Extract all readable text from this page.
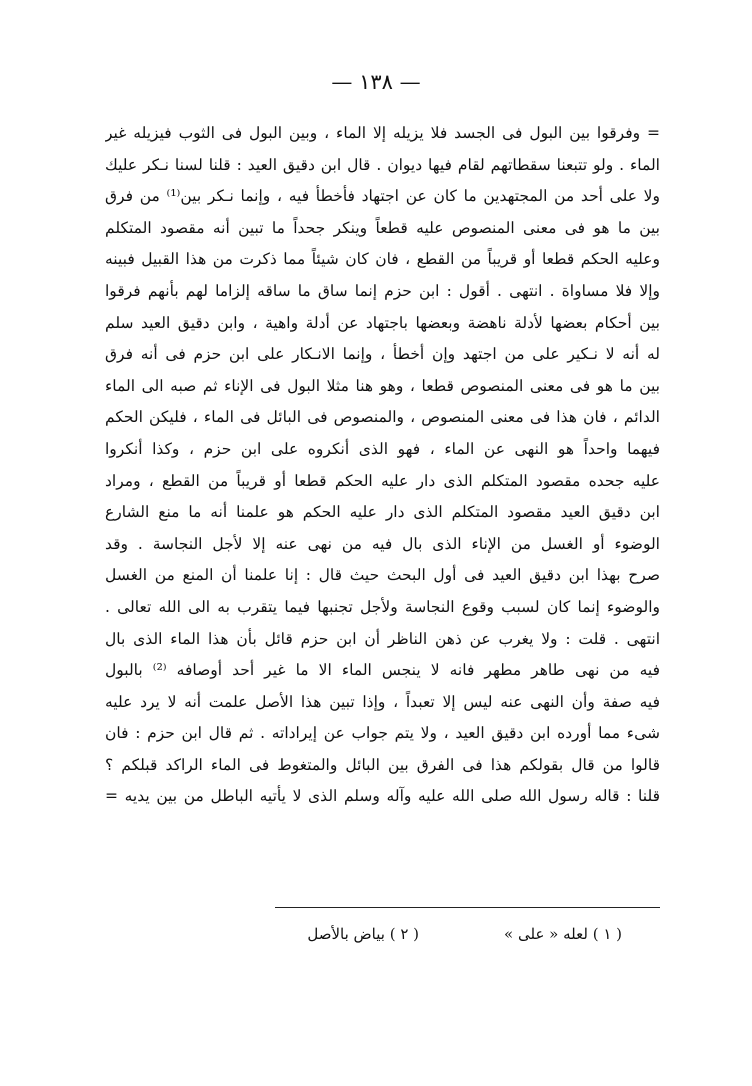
— ١٣٨ —
= وفرقوا بين البول فى الجسد فلا يزيله إلا الماء ، وبين البول فى الثوب فيزيله غير
الماء . ولو تتبعنا سقطاتهم لقام فيها ديوان . قال ابن دقيق العيد : قلنا لسنا نـكر عليك
ولا على أحد من المجتهدين ما كان عن اجتهاد فأخطأ فيه ، وإنما نـكر بين⁽¹⁾ من فرق
بين ما هو فى معنى المنصوص عليه قطعاً وينكر جحداً ما تبين أنه مقصود المتكلم
وعليه الحكم قطعا أو قريباً من القطع ، فان كان شيئاً مما ذكرت من هذا القبيل فبينه
وإلا فلا مساواة . انتهى . أقول : ابن حزم إنما ساق ما ساقه إلزاما لهم بأنهم فرقوا
بين أحكام بعضها لأدلة ناهضة وبعضها باجتهاد عن أدلة واهية ، وابن دقيق العيد سلم
له أنه لا نـكير على من اجتهد وإن أخطأ ، وإنما الانـكار على ابن حزم فى أنه فرق
بين ما هو فى معنى المنصوص قطعا ، وهو هنا مثلا البول فى الإناء ثم صبه الى الماء
الدائم ، فان هذا فى معنى المنصوص ، والمنصوص فى البائل فى الماء ، فليكن الحكم
فيهما واحداً هو النهى عن الماء ، فهو الذى أنكروه على ابن حزم ، وكذا أنكروا
عليه جحده مقصود المتكلم الذى دار عليه الحكم قطعا أو قريباً من القطع ، ومراد
ابن دقيق العيد مقصود المتكلم الذى دار عليه الحكم هو علمنا أنه ما منع الشارع
الوضوء أو الغسل من الإناء الذى بال فيه من نهى عنه إلا لأجل النجاسة . وقد
صرح بهذا ابن دقيق العيد فى أول البحث حيث قال : إنا علمنا أن المنع من الغسل
والوضوء إنما كان لسبب وقوع النجاسة ولأجل تجنبها فيما يتقرب به الى الله تعالى .
انتهى . قلت : ولا يغرب عن ذهن الناظر أن ابن حزم قائل بأن هذا الماء الذى بال
فيه من نهى طاهر مطهر فانه لا ينجس الماء الا ما غير أحد أوصافه ⁽²⁾ بالبول
فيه صفة وأن النهى عنه ليس إلا تعبداً ، وإذا تبين هذا الأصل علمت أنه لا يرد عليه
شىء مما أورده ابن دقيق العيد ، ولا يتم جواب عن إيراداته . ثم قال ابن حزم : فان
قالوا من قال بقولكم هذا فى الفرق بين البائل والمتغوط فى الماء الراكد قبلكم ؟
قلنا : قاله رسول الله صلى الله عليه وآله وسلم الذى لا يأتيه الباطل من بين يديه =
( ١ ) لعله « على »
( ٢ ) بياض بالأصل
